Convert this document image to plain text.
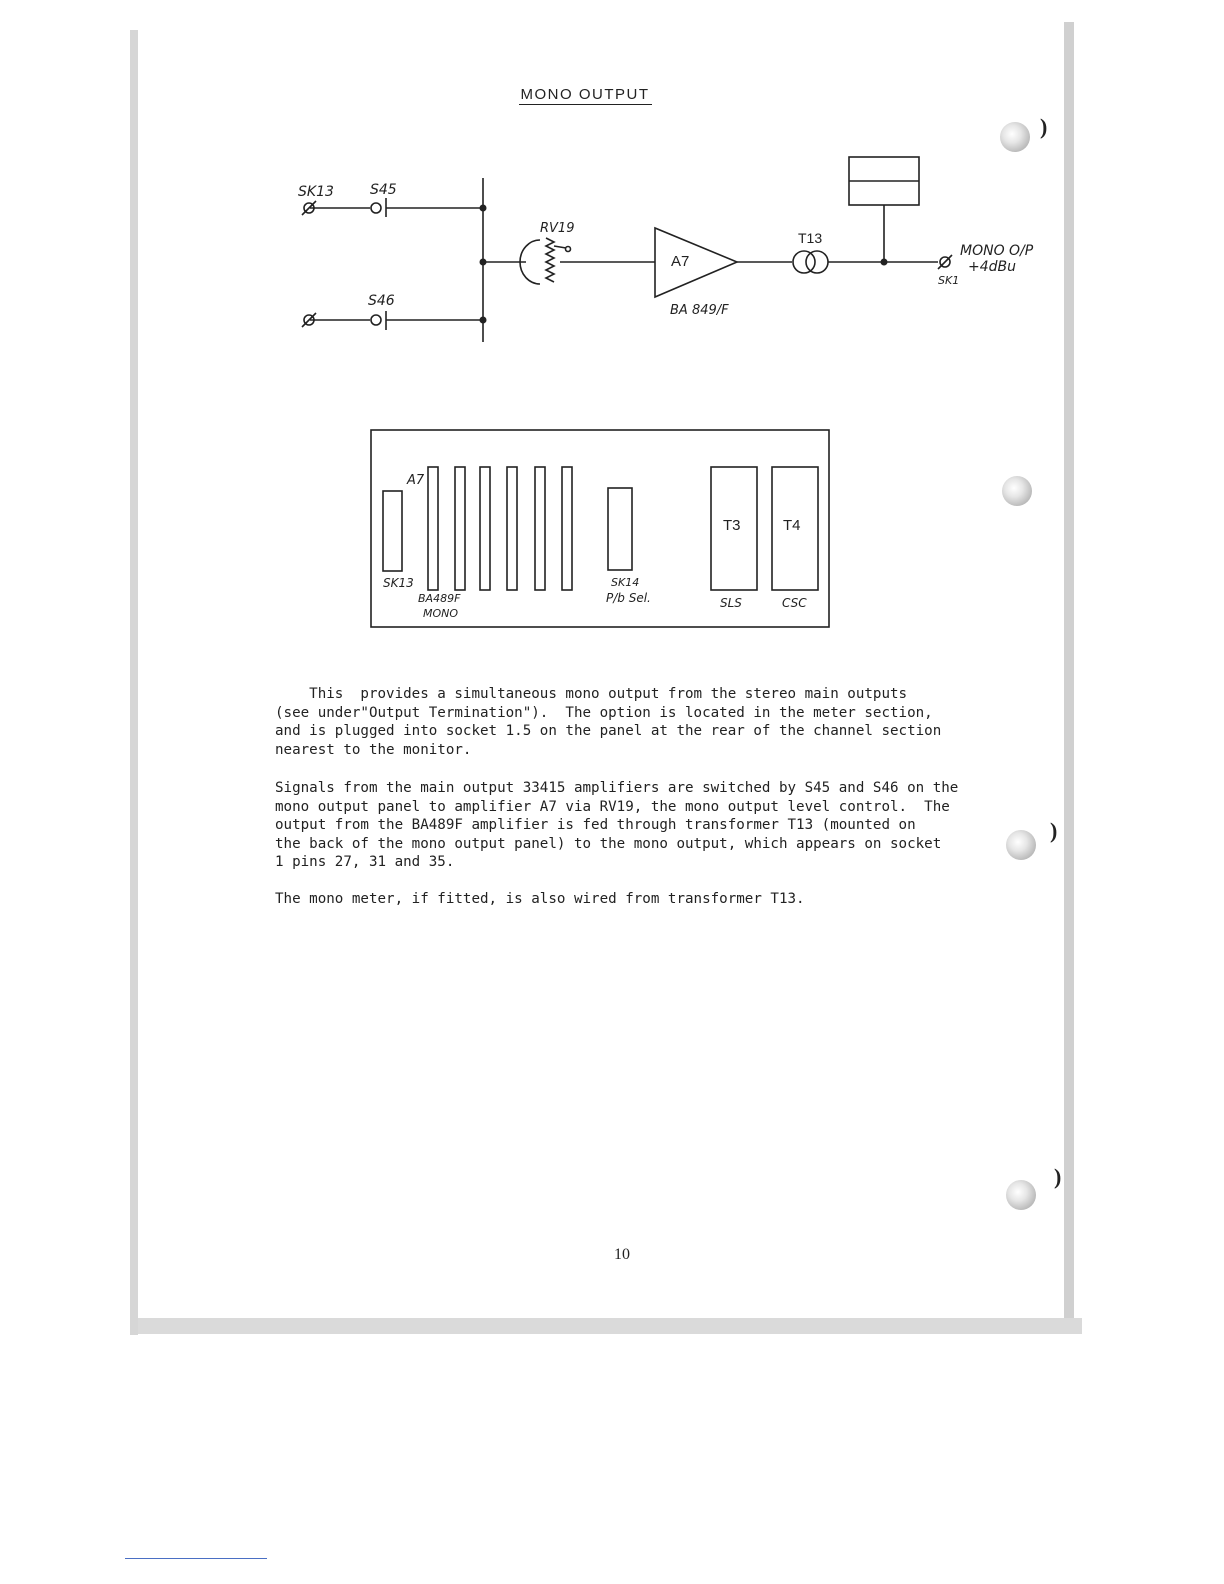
MONO OUTPUT
SK13	S45
S46
RV19
A7
BA 849/F
T13
MONO O/P
+4dBu
SK1
A7
SK13
BA489F
MONO
SK14
P/b Sel.
T3	T4
SLS	CSC

This  provides a simultaneous mono output from the stereo main outputs
(see under"Output Termination").  The option is located in the meter section,
and is plugged into socket 1.5 on the panel at the rear of the channel section
nearest to the monitor.

Signals from the main output 33415 amplifiers are switched by S45 and S46 on the
mono output panel to amplifier A7 via RV19, the mono output level control.  The
output from the BA489F amplifier is fed through transformer T13 (mounted on
the back of the mono output panel) to the mono output, which appears on socket
1 pins 27, 31 and 35.

The mono meter, if fitted, is also wired from transformer T13.

10
)
)
)
